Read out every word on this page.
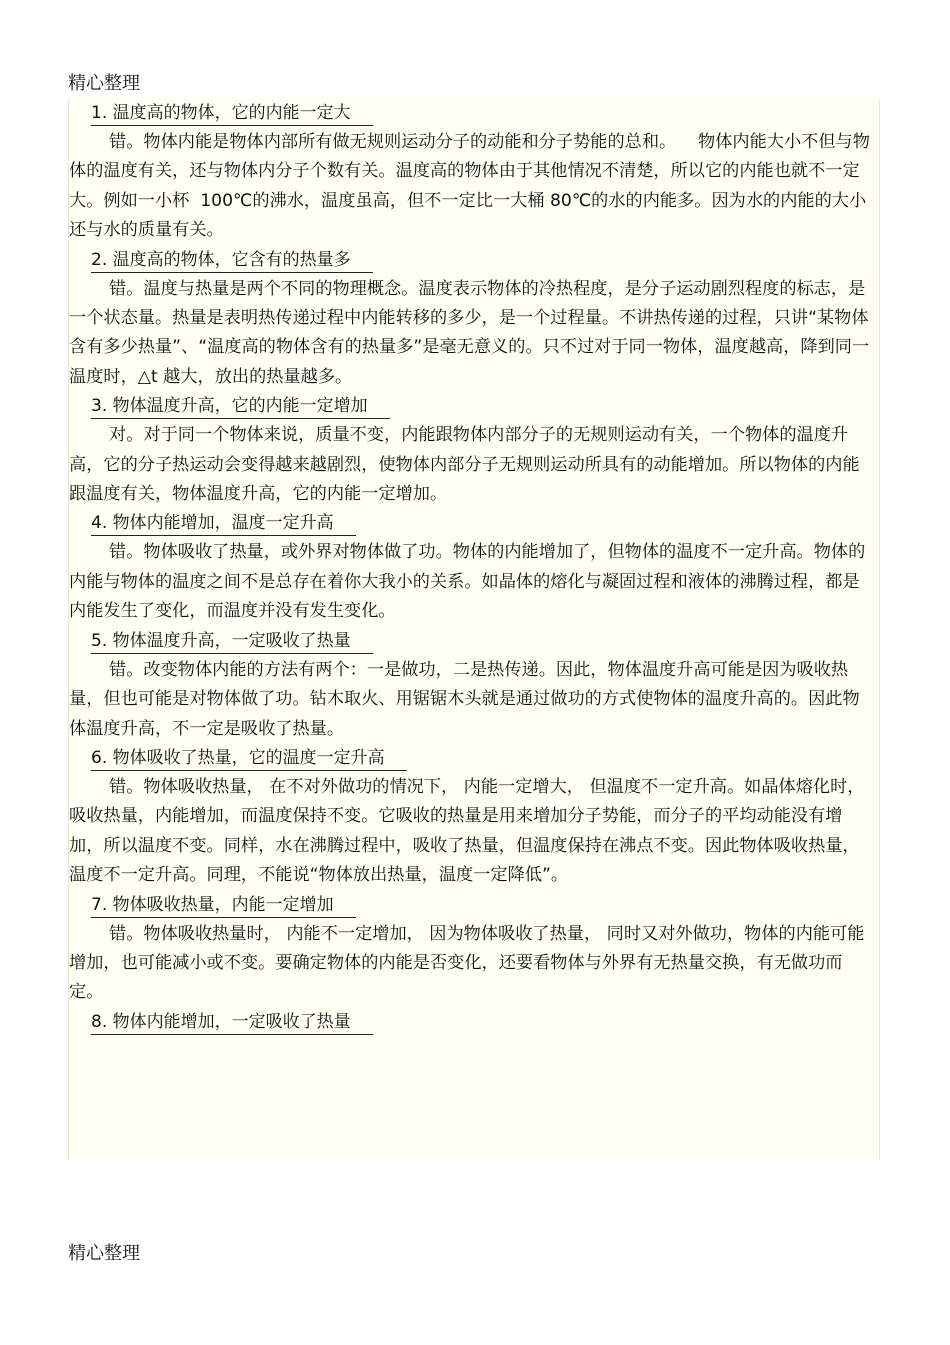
精心整理
1. 温度高的物体，它的内能一定大

错。物体内能是物体内部所有做无规则运动分子的动能和分子势能的总和。    物体内能大小不但与物体的温度有关，还与物体内分子个数有关。温度高的物体由于其他情况不清楚，所以它的内能也就不一定大。例如一小杯  100℃的沸水，温度虽高，但不一定比一大桶 80℃的水的内能多。因为水的内能的大小还与水的质量有关。

2. 温度高的物体，它含有的热量多

错。温度与热量是两个不同的物理概念。温度表示物体的冷热程度，是分子运动剧烈程度的标志，是一个状态量。热量是表明热传递过程中内能转移的多少，是一个过程量。不讲热传递的过程，只讲“某物体含有多少热量”、“温度高的物体含有的热量多”是毫无意义的。只不过对于同一物体，温度越高，降到同一温度时，△t 越大，放出的热量越多。

3. 物体温度升高，它的内能一定增加

对。对于同一个物体来说，质量不变，内能跟物体内部分子的无规则运动有关，一个物体的温度升高，它的分子热运动会变得越来越剧烈，使物体内部分子无规则运动所具有的动能增加。所以物体的内能跟温度有关，物体温度升高，它的内能一定增加。

4. 物体内能增加，温度一定升高

错。物体吸收了热量，或外界对物体做了功。物体的内能增加了，但物体的温度不一定升高。物体的内能与物体的温度之间不是总存在着你大我小的关系。如晶体的熔化与凝固过程和液体的沸腾过程，都是内能发生了变化，而温度并没有发生变化。

5. 物体温度升高，一定吸收了热量

错。改变物体内能的方法有两个：一是做功，二是热传递。因此，物体温度升高可能是因为吸收热量，但也可能是对物体做了功。钻木取火、用锯锯木头就是通过做功的方式使物体的温度升高的。因此物体温度升高，不一定是吸收了热量。

6. 物体吸收了热量，它的温度一定升高

错。物体吸收热量， 在不对外做功的情况下， 内能一定增大， 但温度不一定升高。如晶体熔化时，吸收热量，内能增加，而温度保持不变。它吸收的热量是用来增加分子势能，而分子的平均动能没有增加，所以温度不变。同样，水在沸腾过程中，吸收了热量，但温度保持在沸点不变。因此物体吸收热量，温度不一定升高。同理，不能说“物体放出热量，温度一定降低”。

7. 物体吸收热量，内能一定增加

错。物体吸收热量时， 内能不一定增加， 因为物体吸收了热量， 同时又对外做功，物体的内能可能增加，也可能减小或不变。要确定物体的内能是否变化，还要看物体与外界有无热量交换，有无做功而定。

8. 物体内能增加，一定吸收了热量
精心整理
